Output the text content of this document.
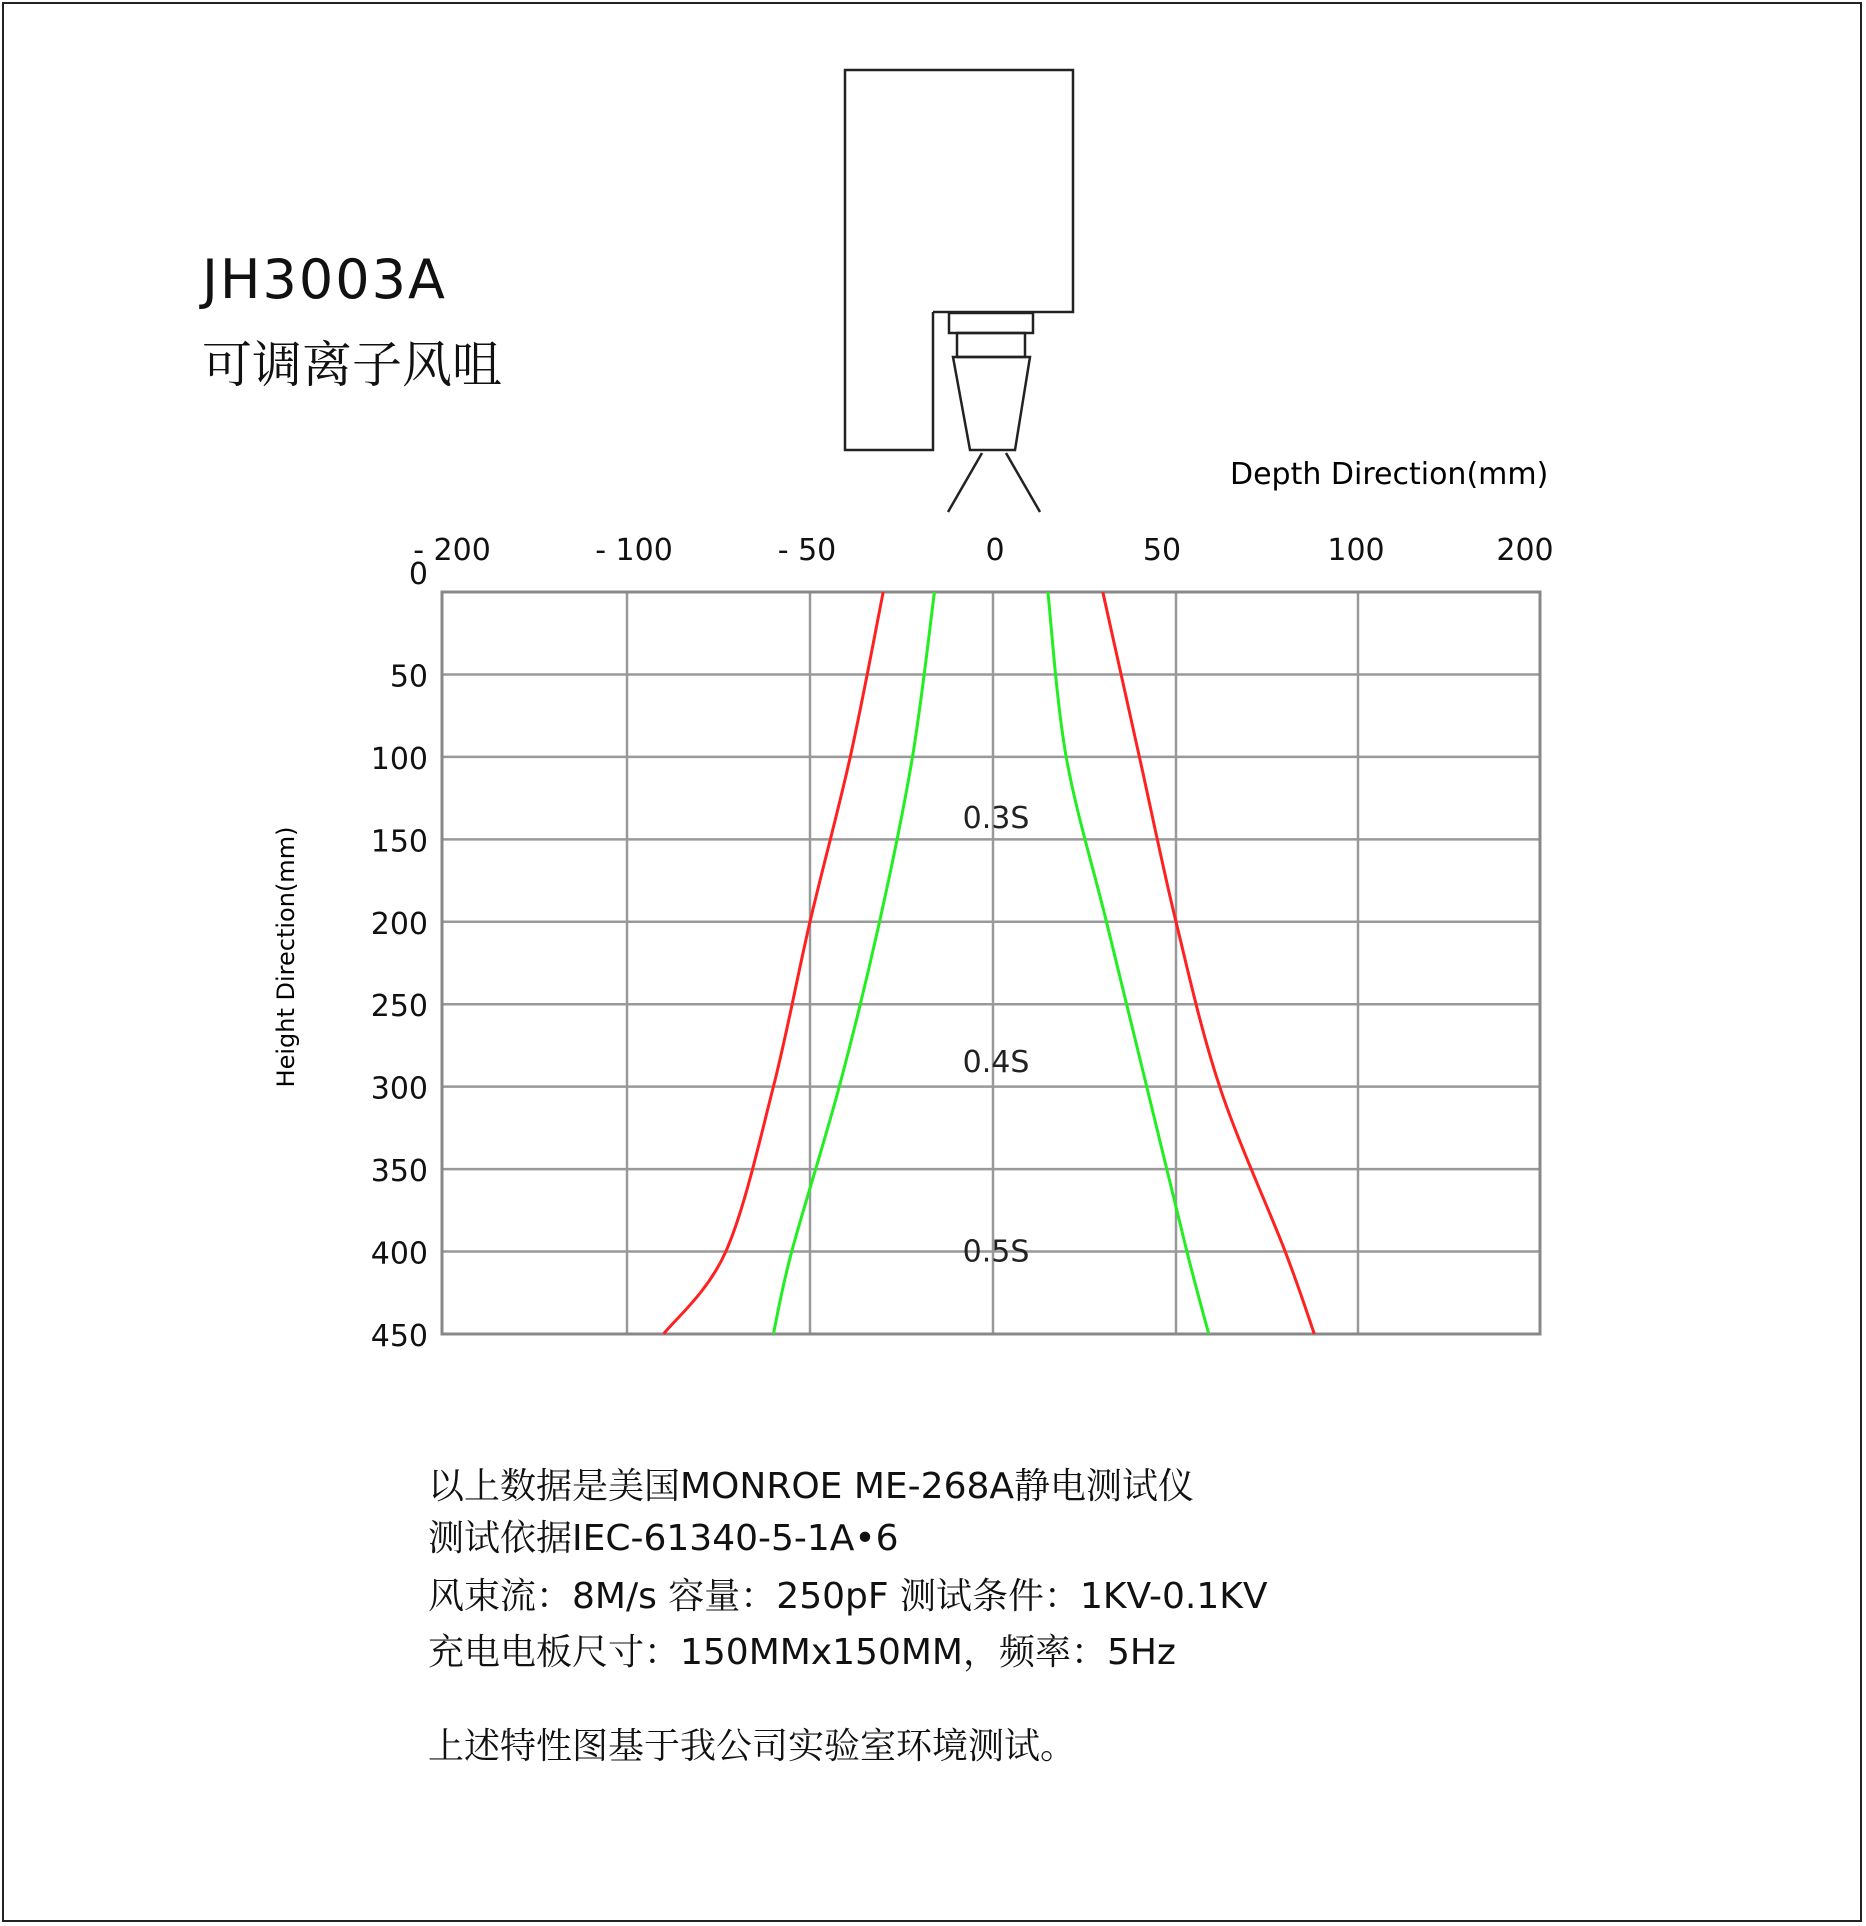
JH3003A
可调离子风咀
Depth Direction(mm)
Height Direction(mm)
- 200	- 100	- 50	0	50	100	200
0
50
100
150
200
250
300
350
400
450
0.3S
0.4S
0.5S
以上数据是美国MONROE ME-268A静电测试仪
测试依据IEC-61340-5-1A•6
风束流：8M/s 容量：250pF 测试条件：1KV-0.1KV
充电电板尺寸：150MMx150MM，频率：5Hz
上述特性图基于我公司实验室环境测试。
